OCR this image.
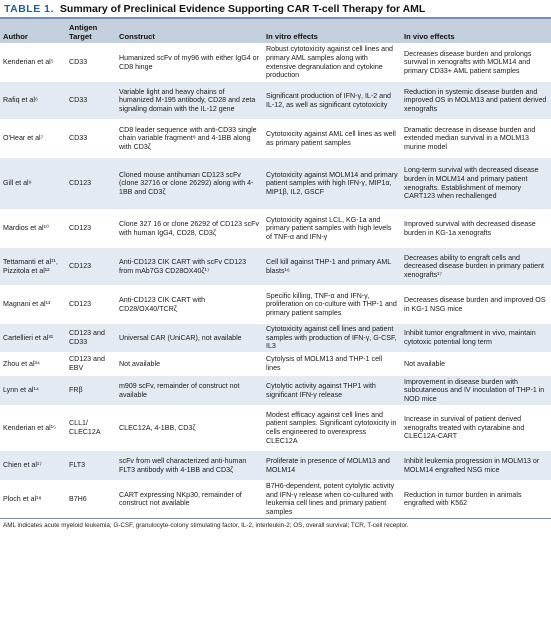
TABLE 1. Summary of Preclinical Evidence Supporting CAR T-cell Therapy for AML
Author	Antigen Target	Construct	In vitro effects	In vivo effects
Kenderian et al⁵	CD33	Humanized scFv of my96 with either IgG4 or CD8 hinge	Robust cytotoxicity against cell lines and primary AML samples along with extensive degranulation and cytokine production	Decreases disease burden and prolongs survival in xenografts with MOLM14 and primary CD33+ AML patient samples
Rafiq et al⁶	CD33	Variable light and heavy chains of humanized M-195 antibody, CD28 and zeta signaling domain with the IL-12 gene	Significant production of IFN-γ, IL-2 and IL-12, as well as significant cytotoxicity	Reduction in systemic disease burden and improved OS in MOLM13 and patient derived xenografts
O'Hear et al⁷	CD33	CD8 leader sequence with anti-CD33 single chain variable fragment⁸ and 4-1BB along with CD3ζ	Cytotoxicity against AML cell lines as well as primary patient samples	Dramatic decrease in disease burden and extended median survival in a MOLM13 murine model
Gill et al⁹	CD123	Cloned mouse antihuman CD123 scFv (clone 32716 or clone 26292) along with 4-1BB and CD3ζ	Cytotoxicity against MOLM14 and primary patient samples with high IFN-γ, MIP1α, MIP1β, IL2, GSCF	Long-term survival with decreased disease burden in MOLM14 and primary patient xenografts. Establishment of memory CART123 when rechallenged
Mardios et al¹⁰	CD123	Clone 327 16 or clone 26292 of CD123 scFv with human IgG4, CD28, CD3ζ	Cytotoxicity against LCL, KG-1a and primary patient samples with high levels of TNF-α and IFN-γ	Improved survival with decreased disease burden in KG-1a xenografts
Tettamanti et al¹¹, Pizzitola et al¹²	CD123	Anti-CD123 CIK CART with scFv CD123 from mAb7G3 CD28OX40ζ¹⁷	Cell kill against THP-1 and primary AML blasts¹⁶	Decreases ability to engraft cells and decreased disease burden in primary patient xenografts¹⁷
Magnani et al¹³	CD123	Anti-CD123 CIK CART with CD28/OX40/TCRζ	Specific killing, TNF-α and IFN-γ, proliferation on co-culture with THP-1 and primary patient samples	Decreases disease burden and improved OS in KG-1 NSG mice
Cartellieri et al³¹	CD123 and CD33	Universal CAR (UniCAR), not available	Cytotoxicity against cell lines and patient samples with production of IFN-γ, G-CSF, IL3	Inhibit tumor engraftment in vivo, maintain cytotoxic potential long term
Zhou et al³⁴	CD123 and EBV	Not available	Cytolysis of MOLM13 and THP-1 cell lines	Not available
Lynn et al¹⁴	FRβ	m909 scFv, remainder of construct not available	Cytolytic activity against THP1 with significant IFN-γ release	Improvement in disease burden with subcutaneous and IV inoculation of THP-1 in NOD mice
Kenderian et al¹⁵	CLL1/ CLEC12A	CLEC12A, 4-1BB, CD3ζ	Modest efficacy against cell lines and patient samples. Significant cytotoxicity in cells engineered to overexpress CLEC12A	Increase in survival of patient derived xenografts treated with cytarabine and CLEC12A-CART
Chien et al¹⁷	FLT3	scFv from well characterized anti-human FLT3 antibody with 4-1BB and CD3ζ	Proliferate in presence of MOLM13 and MOLM14	Inhibit leukemia progression in MOLM13 or MOLM14 engrafted NSG mice
Ploch et al¹⁸	B7H6	CART expressing NKp30, remainder of construct not available	B7H6-dependent, potent cytolytic activity and IFN-γ release when co-cultured with leukemia cell lines and primary patient samples	Reduction in tumor burden in animals engrafted with K562
AML indicates acute myeloid leukemia; G-CSF, granulocyte-colony stimulating factor, IL-2, interleukin-2; OS, overall survival; TCR, T-cell receptor.
